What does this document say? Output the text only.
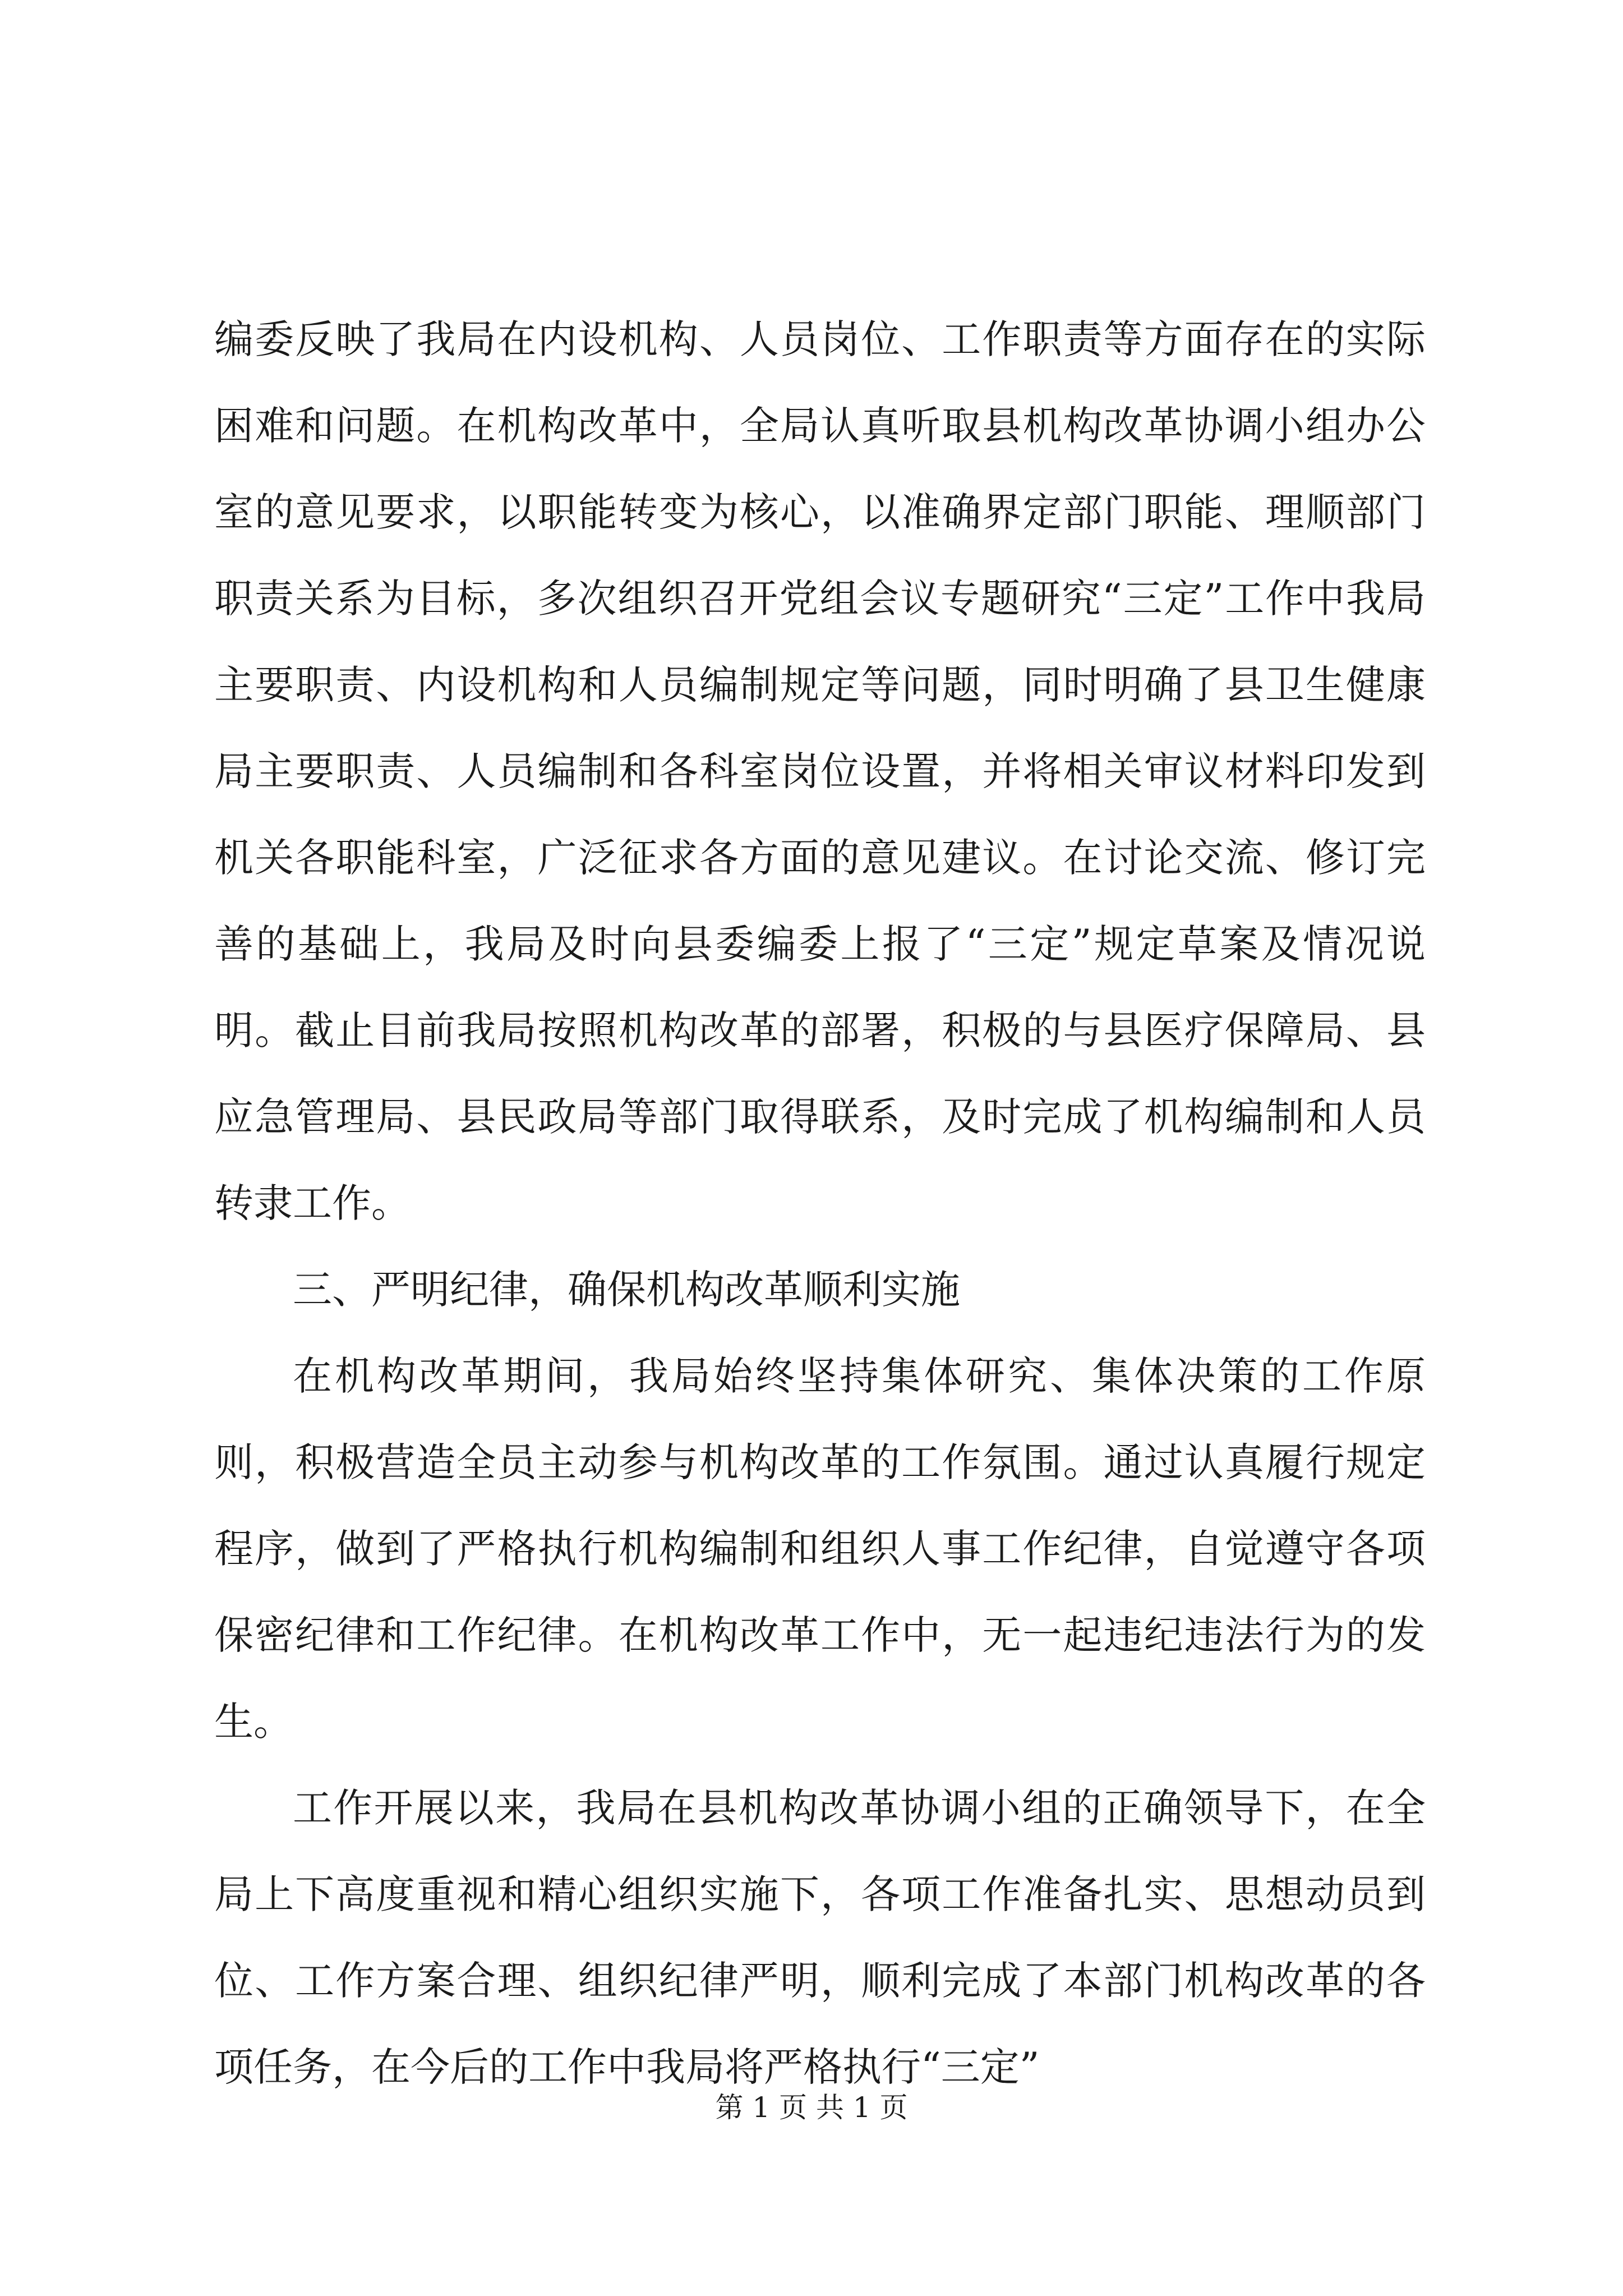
编委反映了我局在内设机构、人员岗位、工作职责等方面存在的实际困难和问题。在机构改革中，全局认真听取县机构改革协调小组办公室的意见要求，以职能转变为核心，以准确界定部门职能、理顺部门职责关系为目标，多次组织召开党组会议专题研究“三定”工作中我局主要职责、内设机构和人员编制规定等问题，同时明确了县卫生健康局主要职责、人员编制和各科室岗位设置，并将相关审议材料印发到机关各职能科室，广泛征求各方面的意见建议。在讨论交流、修订完善的基础上，我局及时向县委编委上报了“三定”规定草案及情况说明。截止目前我局按照机构改革的部署，积极的与县医疗保障局、县应急管理局、县民政局等部门取得联系，及时完成了机构编制和人员转隶工作。

三、严明纪律，确保机构改革顺利实施

在机构改革期间，我局始终坚持集体研究、集体决策的工作原则，积极营造全员主动参与机构改革的工作氛围。通过认真履行规定程序，做到了严格执行机构编制和组织人事工作纪律，自觉遵守各项保密纪律和工作纪律。在机构改革工作中，无一起违纪违法行为的发生。

工作开展以来，我局在县机构改革协调小组的正确领导下，在全局上下高度重视和精心组织实施下，各项工作准备扎实、思想动员到位、工作方案合理、组织纪律严明，顺利完成了本部门机构改革的各项任务，在今后的工作中我局将严格执行“三定”

第 1 页 共 1 页
